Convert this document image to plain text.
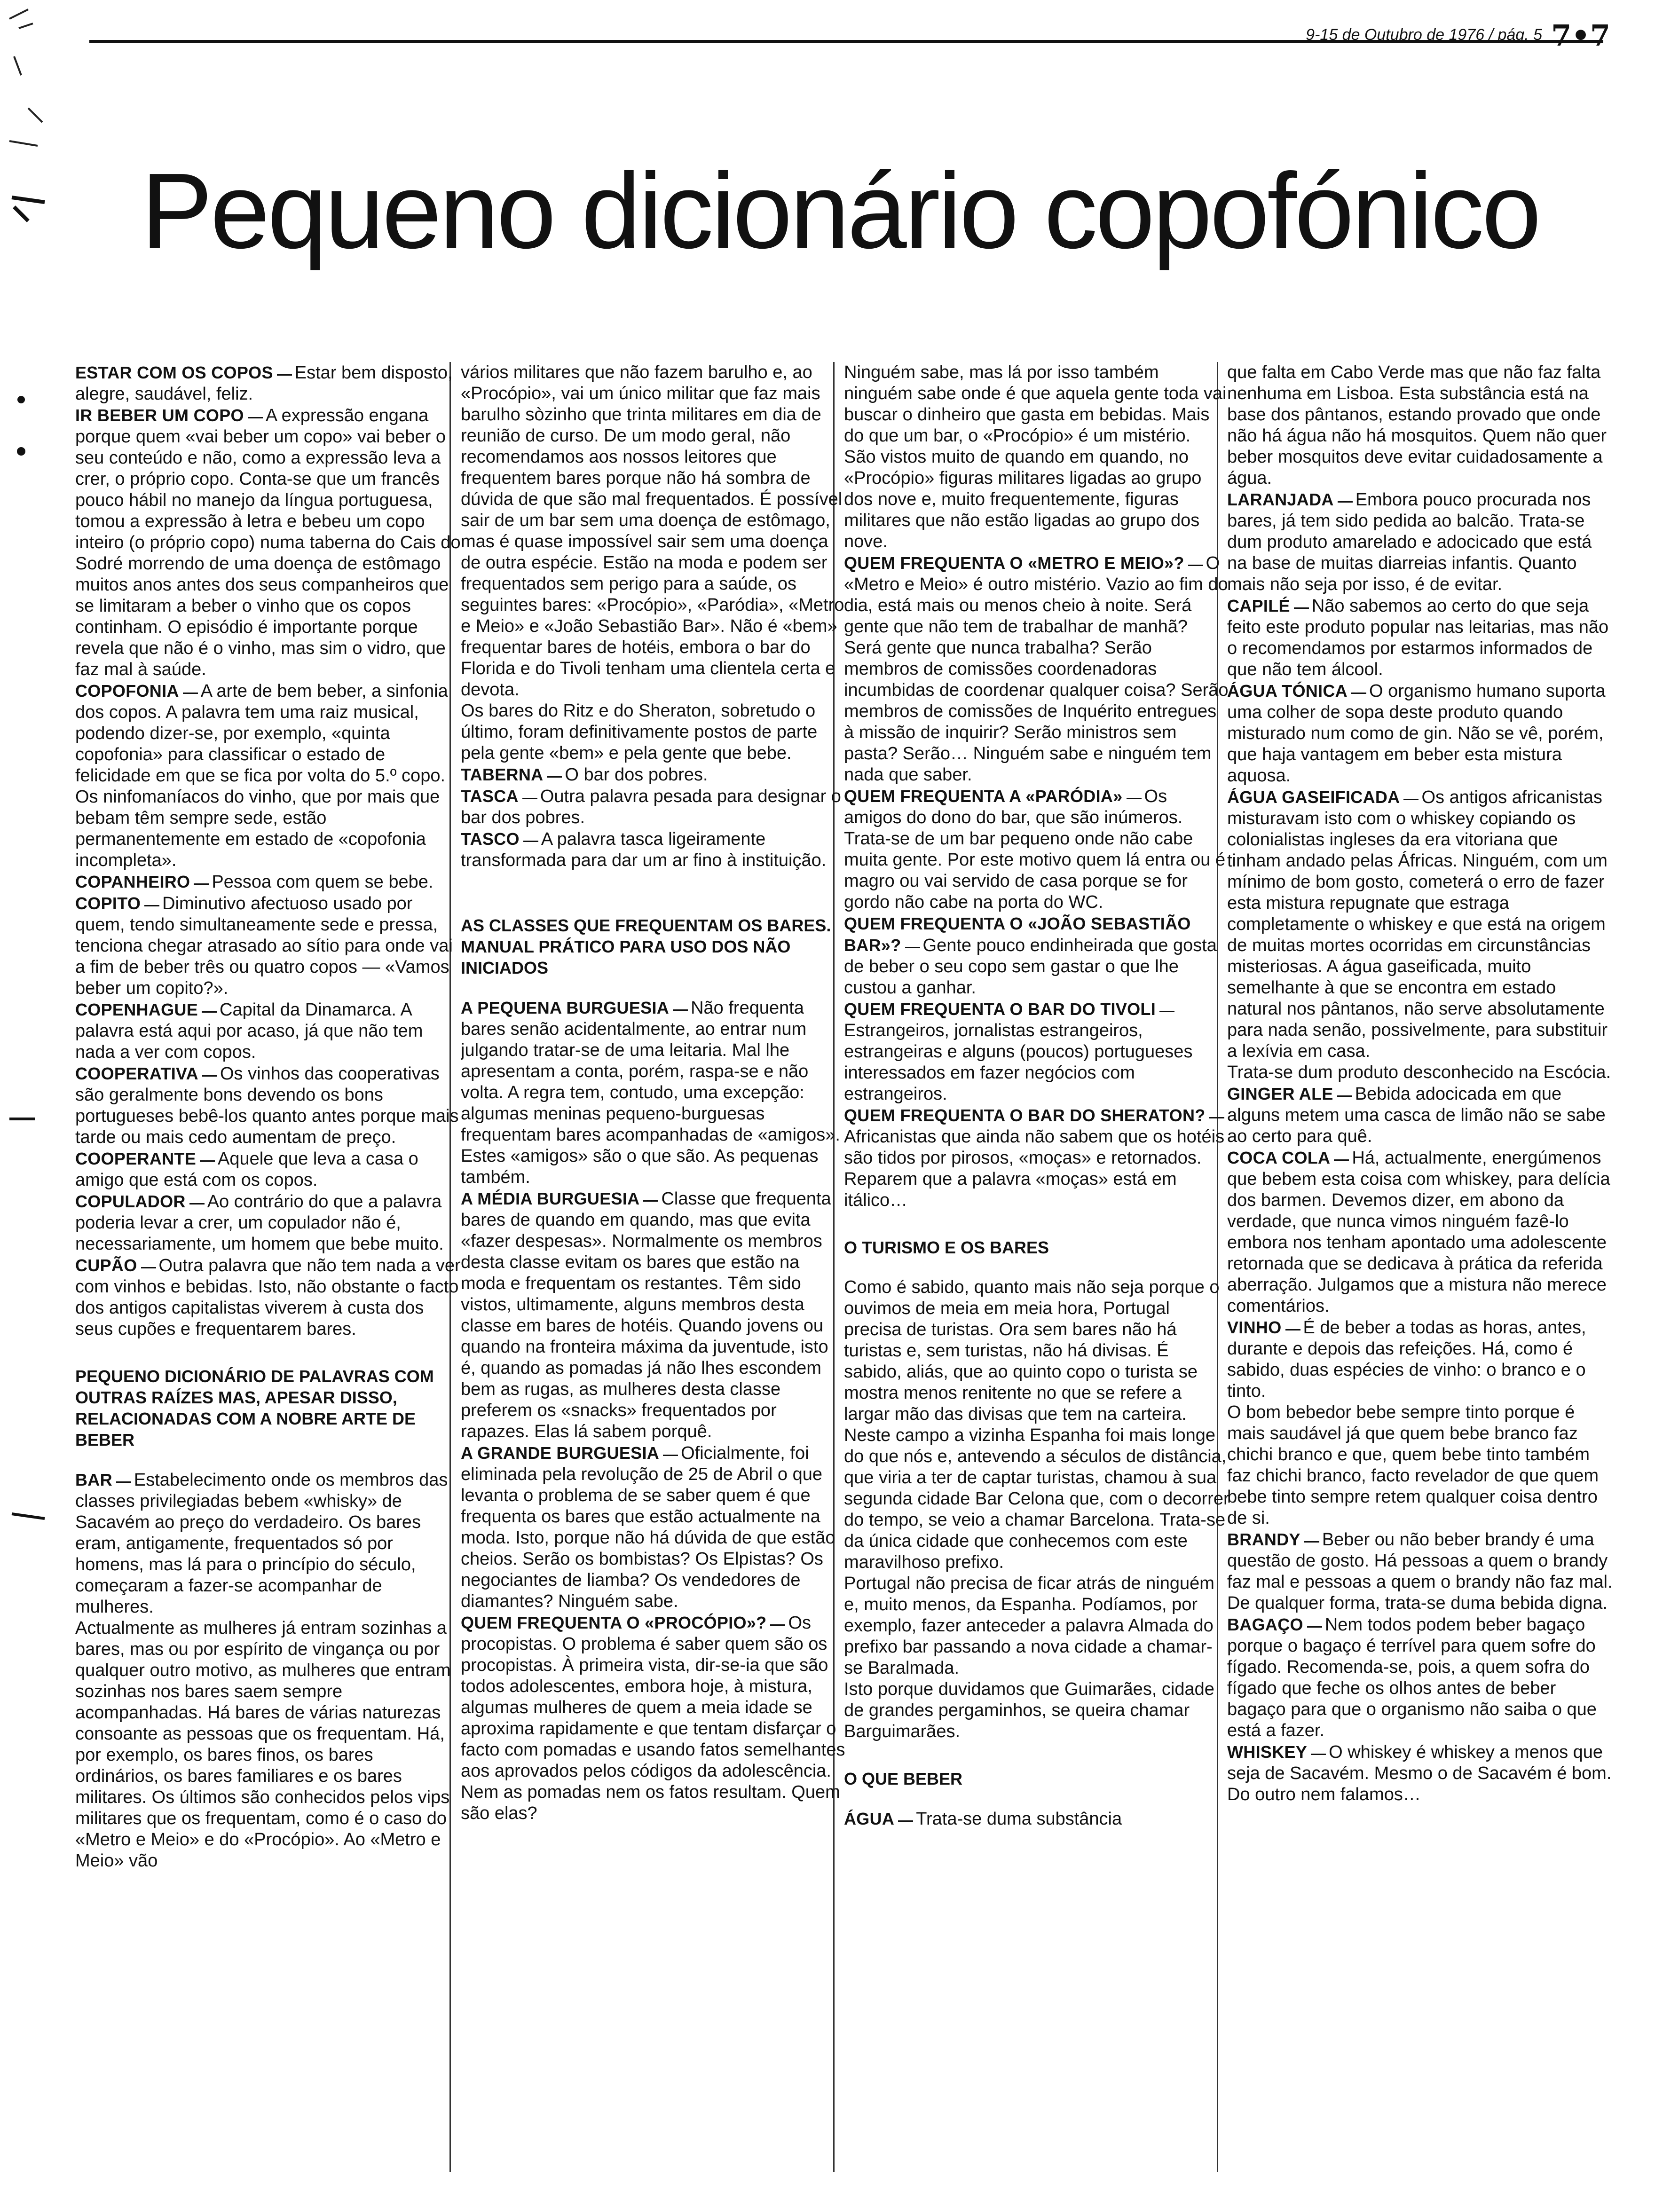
9-15 de Outubro de 1976 / pág. 5 7•7
Pequeno dicionário copofónico

ESTAR COM OS COPOS Estar bem disposto, alegre, saudável, feliz.

IR BEBER UM COPO A expressão engana porque quem «vai beber um copo» vai beber o seu conteúdo e não, como a expressão leva a crer, o próprio copo. Conta-se que um francês pouco hábil no manejo da língua portuguesa, tomou a expressão à letra e bebeu um copo inteiro (o próprio copo) numa taberna do Cais do Sodré morrendo de uma doença de estômago muitos anos antes dos seus companheiros que se limitaram a beber o vinho que os copos continham. O episódio é importante porque revela que não é o vinho, mas sim o vidro, que faz mal à saúde.

COPOFONIA A arte de bem beber, a sinfonia dos copos. A palavra tem uma raiz musical, podendo dizer-se, por exemplo, «quinta copofonia» para classificar o estado de felicidade em que se fica por volta do 5.º copo.

Os ninfomaníacos do vinho, que por mais que bebam têm sempre sede, estão permanentemente em estado de «copofonia incompleta».

COPANHEIRO Pessoa com quem se bebe.

COPITO Diminutivo afectuoso usado por quem, tendo simultaneamente sede e pressa, tenciona chegar atrasado ao sítio para onde vai a fim de beber três ou quatro copos — «Vamos beber um copito?».

COPENHAGUE Capital da Dinamarca. A palavra está aqui por acaso, já que não tem nada a ver com copos.

COOPERATIVA Os vinhos das cooperativas são geralmente bons devendo os bons portugueses bebê-los quanto antes porque mais tarde ou mais cedo aumentam de preço.

COOPERANTE Aquele que leva a casa o amigo que está com os copos.

COPULADOR Ao contrário do que a palavra poderia levar a crer, um copulador não é, necessariamente, um homem que bebe muito.

CUPÃO Outra palavra que não tem nada a ver com vinhos e bebidas. Isto, não obstante o facto dos antigos capitalistas viverem à custa dos seus cupões e frequentarem bares.

PEQUENO DICIONÁRIO DE PALAVRAS COM OUTRAS RAÍZES MAS, APESAR DISSO, RELACIONADAS COM A NOBRE ARTE DE BEBER

BAR Estabelecimento onde os membros das classes privilegiadas bebem «whisky» de Sacavém ao preço do verdadeiro. Os bares eram, antigamente, frequentados só por homens, mas lá para o princípio do século, começaram a fazer-se acompanhar de mulheres.

Actualmente as mulheres já entram sozinhas a bares, mas ou por espírito de vingança ou por qualquer outro motivo, as mulheres que entram sozinhas nos bares saem sempre acompanhadas. Há bares de várias naturezas consoante as pessoas que os frequentam. Há, por exemplo, os bares finos, os bares ordinários, os bares familiares e os bares militares. Os últimos são conhecidos pelos vips militares que os frequentam, como é o caso do «Metro e Meio» e do «Procópio». Ao «Metro e Meio» vão

vários militares que não fazem barulho e, ao «Procópio», vai um único militar que faz mais barulho sòzinho que trinta militares em dia de reunião de curso. De um modo geral, não recomendamos aos nossos leitores que frequentem bares porque não há sombra de dúvida de que são mal frequentados. É possível sair de um bar sem uma doença de estômago, mas é quase impossível sair sem uma doença de outra espécie. Estão na moda e podem ser frequentados sem perigo para a saúde, os seguintes bares: «Procópio», «Paródia», «Metro e Meio» e «João Sebastião Bar». Não é «bem» frequentar bares de hotéis, embora o bar do Florida e do Tivoli tenham uma clientela certa e devota.

Os bares do Ritz e do Sheraton, sobretudo o último, foram definitivamente postos de parte pela gente «bem» e pela gente que bebe.

TABERNA O bar dos pobres.

TASCA Outra palavra pesada para designar o bar dos pobres.

TASCO A palavra tasca ligeiramente transformada para dar um ar fino à instituição.

AS CLASSES QUE FREQUENTAM OS BARES. MANUAL PRÁTICO PARA USO DOS NÃO INICIADOS

A PEQUENA BURGUESIA Não frequenta bares senão acidentalmente, ao entrar num julgando tratar-se de uma leitaria. Mal lhe apresentam a conta, porém, raspa-se e não volta. A regra tem, contudo, uma excepção: algumas meninas pequeno-burguesas frequentam bares acompanhadas de «amigos». Estes «amigos» são o que são. As pequenas também.

A MÉDIA BURGUESIA Classe que frequenta bares de quando em quando, mas que evita «fazer despesas». Normalmente os membros desta classe evitam os bares que estão na moda e frequentam os restantes. Têm sido vistos, ultimamente, alguns membros desta classe em bares de hotéis. Quando jovens ou quando na fronteira máxima da juventude, isto é, quando as pomadas já não lhes escondem bem as rugas, as mulheres desta classe preferem os «snacks» frequentados por rapazes. Elas lá sabem porquê.

A GRANDE BURGUESIA Oficialmente, foi eliminada pela revolução de 25 de Abril o que levanta o problema de se saber quem é que frequenta os bares que estão actualmente na moda. Isto, porque não há dúvida de que estão cheios. Serão os bombistas? Os Elpistas? Os negociantes de liamba? Os vendedores de diamantes? Ninguém sabe.

QUEM FREQUENTA O «PROCÓPIO»? Os procopistas. O problema é saber quem são os procopistas. À primeira vista, dir-se-ia que são todos adolescentes, embora hoje, à mistura, algumas mulheres de quem a meia idade se aproxima rapidamente e que tentam disfarçar o facto com pomadas e usando fatos semelhantes aos aprovados pelos códigos da adolescência. Nem as pomadas nem os fatos resultam. Quem são elas?

Ninguém sabe, mas lá por isso também ninguém sabe onde é que aquela gente toda vai buscar o dinheiro que gasta em bebidas. Mais do que um bar, o «Procópio» é um mistério.

São vistos muito de quando em quando, no «Procópio» figuras militares ligadas ao grupo dos nove e, muito frequentemente, figuras militares que não estão ligadas ao grupo dos nove.

QUEM FREQUENTA O «METRO E MEIO»? O «Metro e Meio» é outro mistério. Vazio ao fim do dia, está mais ou menos cheio à noite. Será gente que não tem de trabalhar de manhã? Será gente que nunca trabalha? Serão membros de comissões coordenadoras incumbidas de coordenar qualquer coisa? Serão membros de comissões de Inquérito entregues à missão de inquirir? Serão ministros sem pasta? Serão… Ninguém sabe e ninguém tem nada que saber.

QUEM FREQUENTA A «PARÓDIA» Os amigos do dono do bar, que são inúmeros. Trata-se de um bar pequeno onde não cabe muita gente. Por este motivo quem lá entra ou é magro ou vai servido de casa porque se for gordo não cabe na porta do WC.

QUEM FREQUENTA O «JOÃO SEBASTIÃO BAR»? Gente pouco endinheirada que gosta de beber o seu copo sem gastar o que lhe custou a ganhar.

QUEM FREQUENTA O BAR DO TIVOLIEstrangeiros, jornalistas estrangeiros, estrangeiras e alguns (poucos) portugueses interessados em fazer negócios com estrangeiros.

QUEM FREQUENTA O BAR DO SHERATON?Africanistas que ainda não sabem que os hotéis são tidos por pirosos, «moças» e retornados. Reparem que a palavra «moças» está em itálico…

O TURISMO E OS BARES

Como é sabido, quanto mais não seja porque o ouvimos de meia em meia hora, Portugal precisa de turistas. Ora sem bares não há turistas e, sem turistas, não há divisas. É sabido, aliás, que ao quinto copo o turista se mostra menos renitente no que se refere a largar mão das divisas que tem na carteira.

Neste campo a vizinha Espanha foi mais longe do que nós e, antevendo a séculos de distância, que viria a ter de captar turistas, chamou à sua segunda cidade Bar Celona que, com o decorrer do tempo, se veio a chamar Barcelona. Trata-se da única cidade que conhecemos com este maravilhoso prefixo.

Portugal não precisa de ficar atrás de ninguém e, muito menos, da Espanha. Podíamos, por exemplo, fazer anteceder a palavra Almada do prefixo bar passando a nova cidade a chamar-se Baralmada.

Isto porque duvidamos que Guimarães, cidade de grandes pergaminhos, se queira chamar Barguimarães.

O QUE BEBER

ÁGUA Trata-se duma substância

que falta em Cabo Verde mas que não faz falta nenhuma em Lisboa. Esta substância está na base dos pântanos, estando provado que onde não há água não há mosquitos. Quem não quer beber mosquitos deve evitar cuidadosamente a água.

LARANJADA Embora pouco procurada nos bares, já tem sido pedida ao balcão. Trata-se dum produto amarelado e adocicado que está na base de muitas diarreias infantis. Quanto mais não seja por isso, é de evitar.

CAPILÉ Não sabemos ao certo do que seja feito este produto popular nas leitarias, mas não o recomendamos por estarmos informados de que não tem álcool.

ÁGUA TÓNICA O organismo humano suporta uma colher de sopa deste produto quando misturado num como de gin. Não se vê, porém, que haja vantagem em beber esta mistura aquosa.

ÁGUA GASEIFICADA Os antigos africanistas misturavam isto com o whiskey copiando os colonialistas ingleses da era vitoriana que tinham andado pelas Áfricas. Ninguém, com um mínimo de bom gosto, cometerá o erro de fazer esta mistura repugnate que estraga completamente o whiskey e que está na origem de muitas mortes ocorridas em circunstâncias misteriosas. A água gaseificada, muito semelhante à que se encontra em estado natural nos pântanos, não serve absolutamente para nada senão, possivelmente, para substituir a lexívia em casa.

Trata-se dum produto desconhecido na Escócia.

GINGER ALE Bebida adocicada em que alguns metem uma casca de limão não se sabe ao certo para quê.

COCA COLA Há, actualmente, energúmenos que bebem esta coisa com whiskey, para delícia dos barmen. Devemos dizer, em abono da verdade, que nunca vimos ninguém fazê-lo embora nos tenham apontado uma adolescente retornada que se dedicava à prática da referida aberração. Julgamos que a mistura não merece comentários.

VINHO É de beber a todas as horas, antes, durante e depois das refeições. Há, como é sabido, duas espécies de vinho: o branco e o tinto.

O bom bebedor bebe sempre tinto porque é mais saudável já que quem bebe branco faz chichi branco e que, quem bebe tinto também faz chichi branco, facto revelador de que quem bebe tinto sempre retem qualquer coisa dentro de si.

BRANDY Beber ou não beber brandy é uma questão de gosto. Há pessoas a quem o brandy faz mal e pessoas a quem o brandy não faz mal. De qualquer forma, trata-se duma bebida digna.

BAGAÇO Nem todos podem beber bagaço porque o bagaço é terrível para quem sofre do fígado. Recomenda-se, pois, a quem sofra do fígado que feche os olhos antes de beber bagaço para que o organismo não saiba o que está a fazer.

WHISKEY O whiskey é whiskey a menos que seja de Sacavém. Mesmo o de Sacavém é bom. Do outro nem falamos…
